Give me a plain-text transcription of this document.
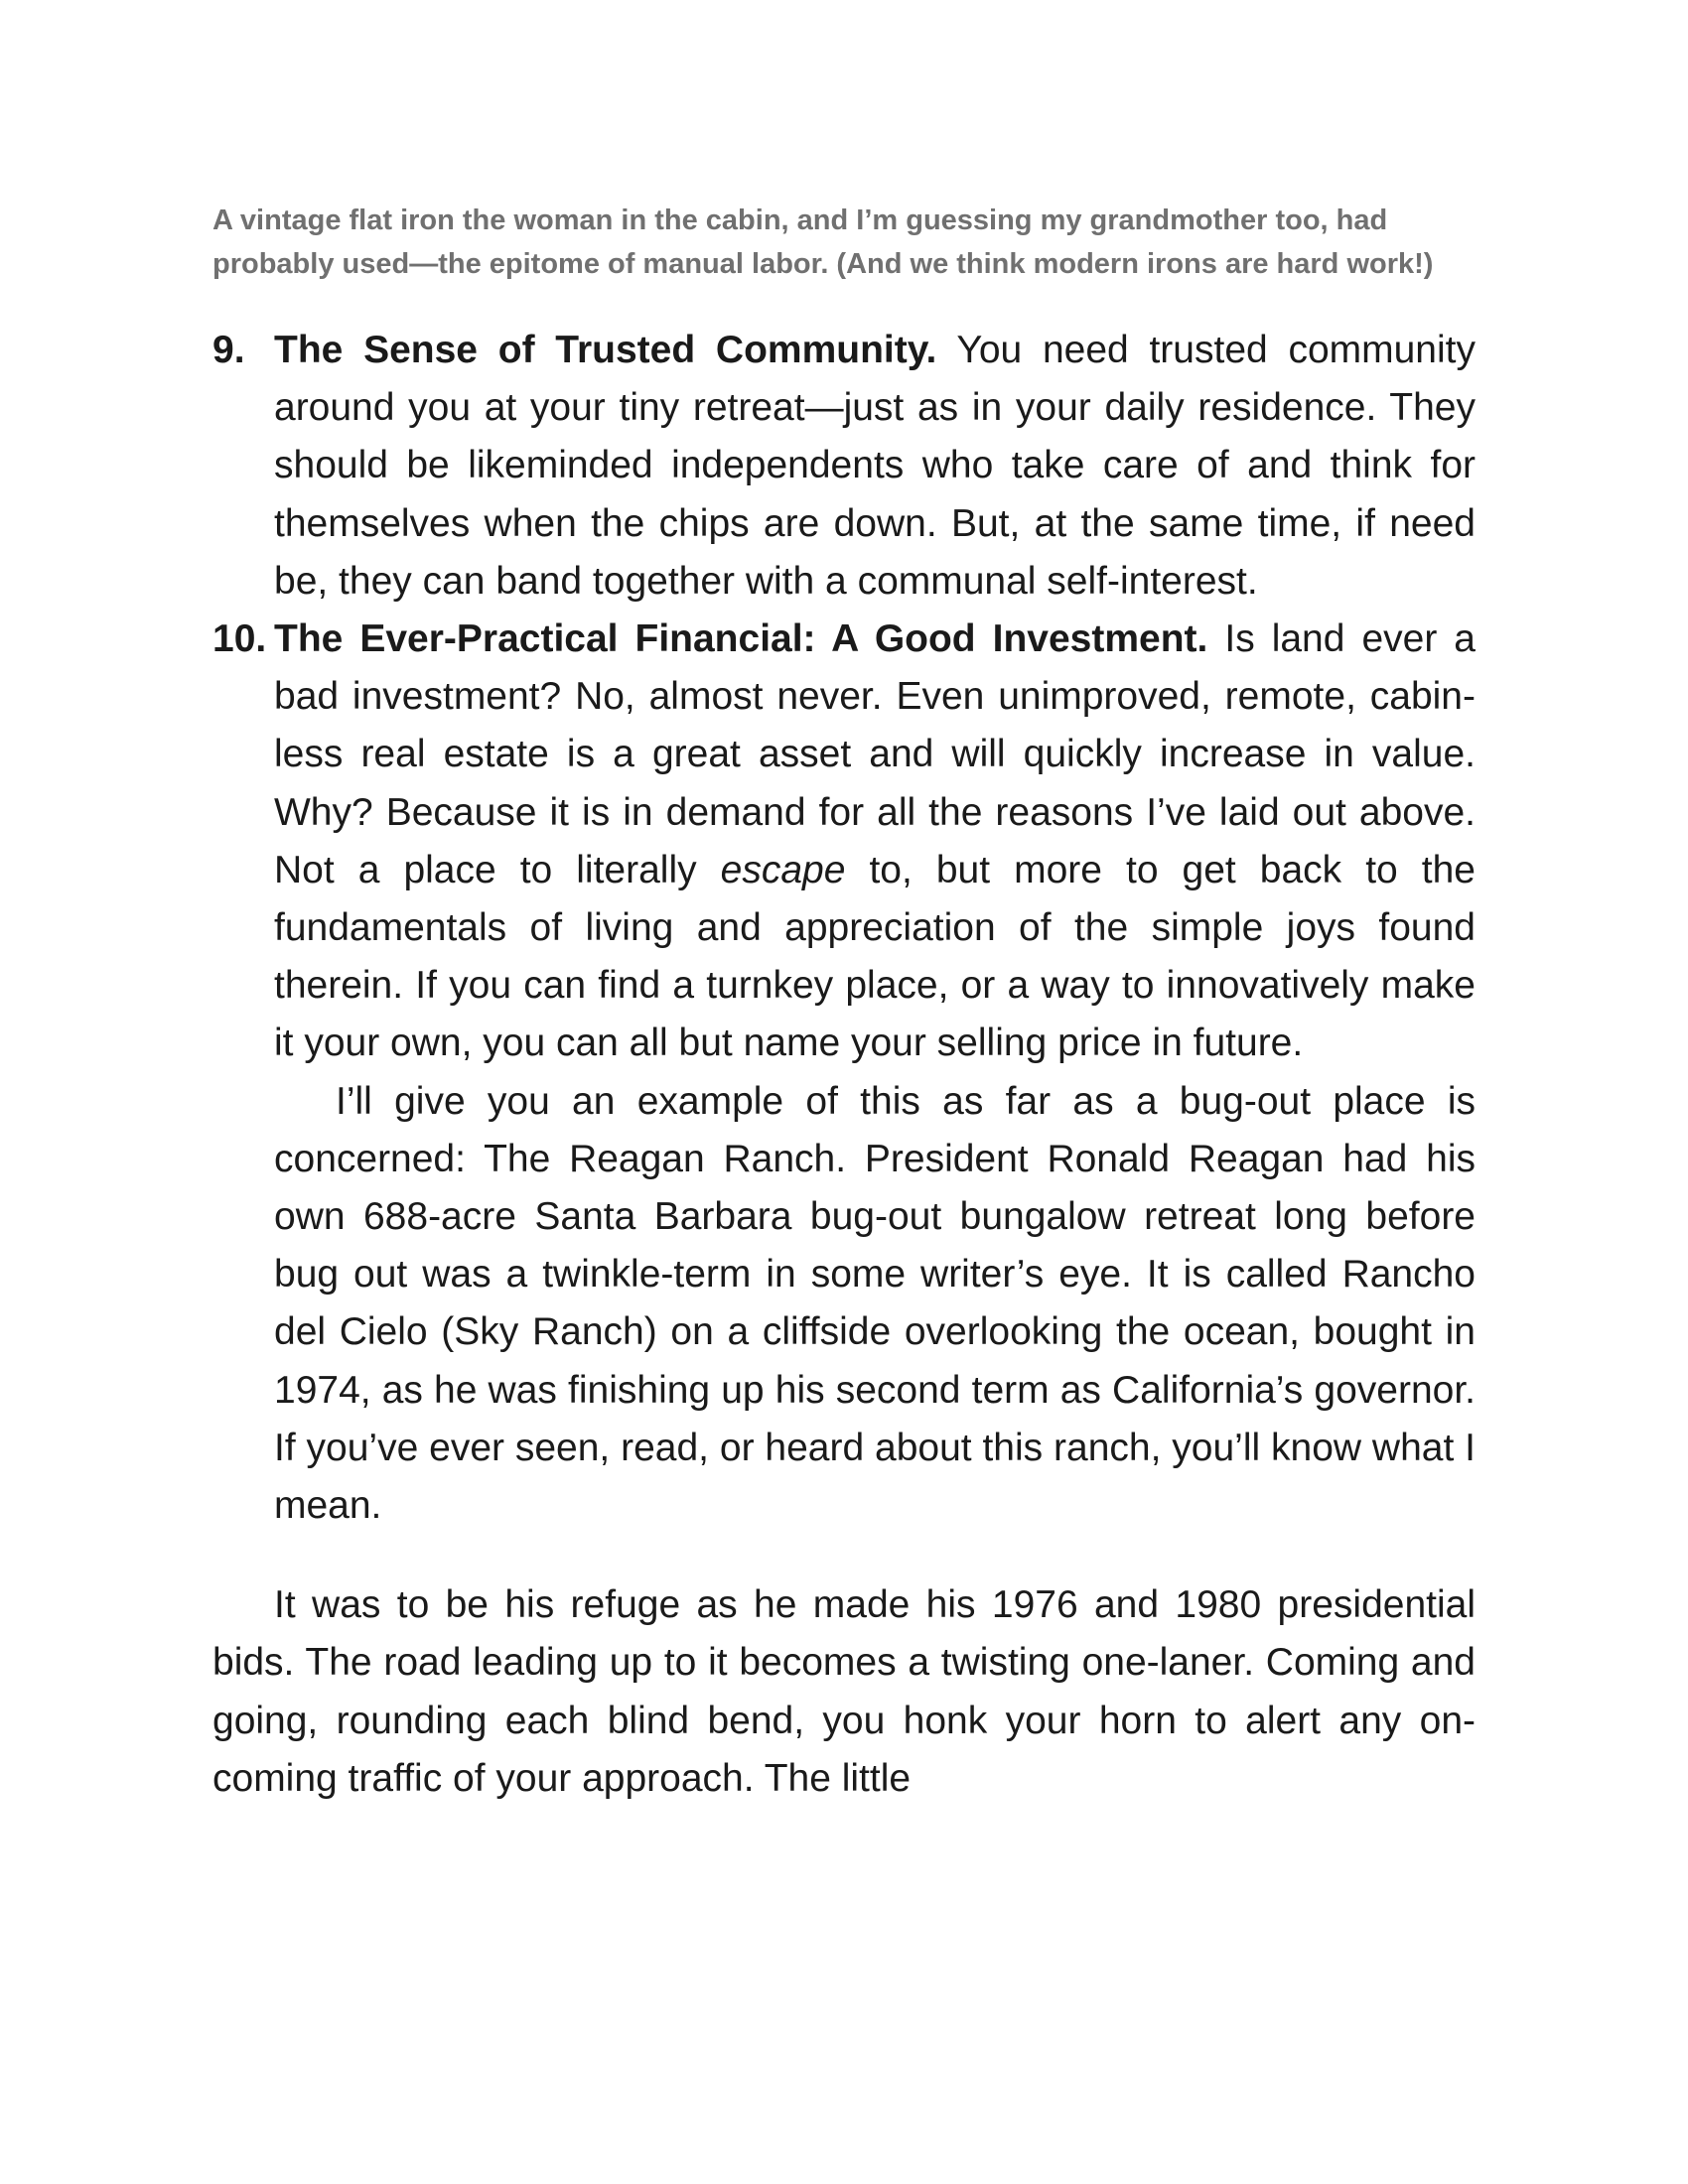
A vintage flat iron the woman in the cabin, and I’m guessing my grandmother too, had probably used—the epitome of manual labor. (And we think modern irons are hard work!)

9. The Sense of Trusted Community. You need trusted community around you at your tiny retreat—just as in your daily residence. They should be likeminded independents who take care of and think for themselves when the chips are down. But, at the same time, if need be, they can band together with a communal self-interest.

10. The Ever-Practical Financial: A Good Investment. Is land ever a bad investment? No, almost never. Even unimproved, remote, cabin-less real estate is a great asset and will quickly increase in value. Why? Because it is in demand for all the reasons I’ve laid out above. Not a place to literally escape to, but more to get back to the fundamentals of living and appreciation of the simple joys found therein. If you can find a turnkey place, or a way to innovatively make it your own, you can all but name your selling price in future.

I’ll give you an example of this as far as a bug-out place is concerned: The Reagan Ranch. President Ronald Reagan had his own 688-acre Santa Barbara bug-out bungalow retreat long before bug out was a twinkle-term in some writer’s eye. It is called Rancho del Cielo (Sky Ranch) on a cliffside overlooking the ocean, bought in 1974, as he was finishing up his second term as California’s governor. If you’ve ever seen, read, or heard about this ranch, you’ll know what I mean.

It was to be his refuge as he made his 1976 and 1980 presidential bids. The road leading up to it becomes a twisting one-laner. Coming and going, rounding each blind bend, you honk your horn to alert any on-coming traffic of your approach. The little
